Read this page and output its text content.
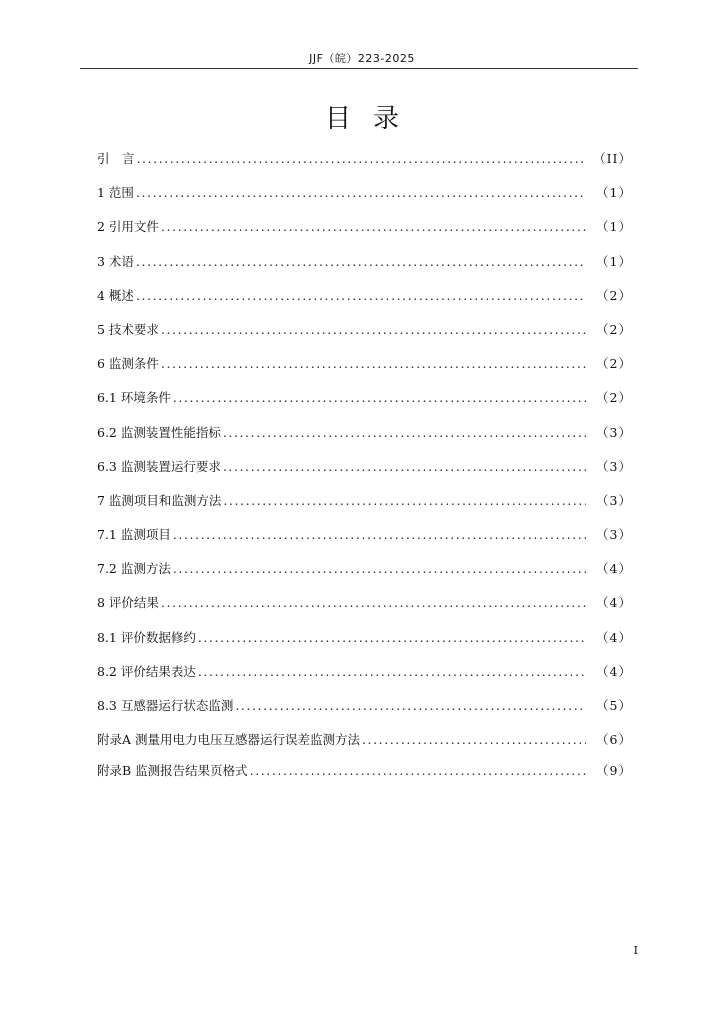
JJF（皖）223-2025
目录
引　言 . . .	（II）
1 范围 . . .	（1）
2 引用文件 . . .	（1）
3 术语 . . .	（1）
4 概述 . . .	（2）
5 技术要求 . . .	（2）
6 监测条件 . . .	（2）
6.1 环境条件 . . .	（2）
6.2 监测装置性能指标 . . .	（3）
6.3 监测装置运行要求 . . .	（3）
7 监测项目和监测方法 . . .	（3）
7.1 监测项目 . . .	（3）
7.2 监测方法 . . .	（4）
8 评价结果 . . .	（4）
8.1 评价数据修约 . . .	（4）
8.2 评价结果表达 . . .	（4）
8.3 互感器运行状态监测 . . .	（5）
附录A 测量用电力电压互感器运行误差监测方法 . . .	（6）
附录B 监测报告结果页格式 . . .	（9）
I
